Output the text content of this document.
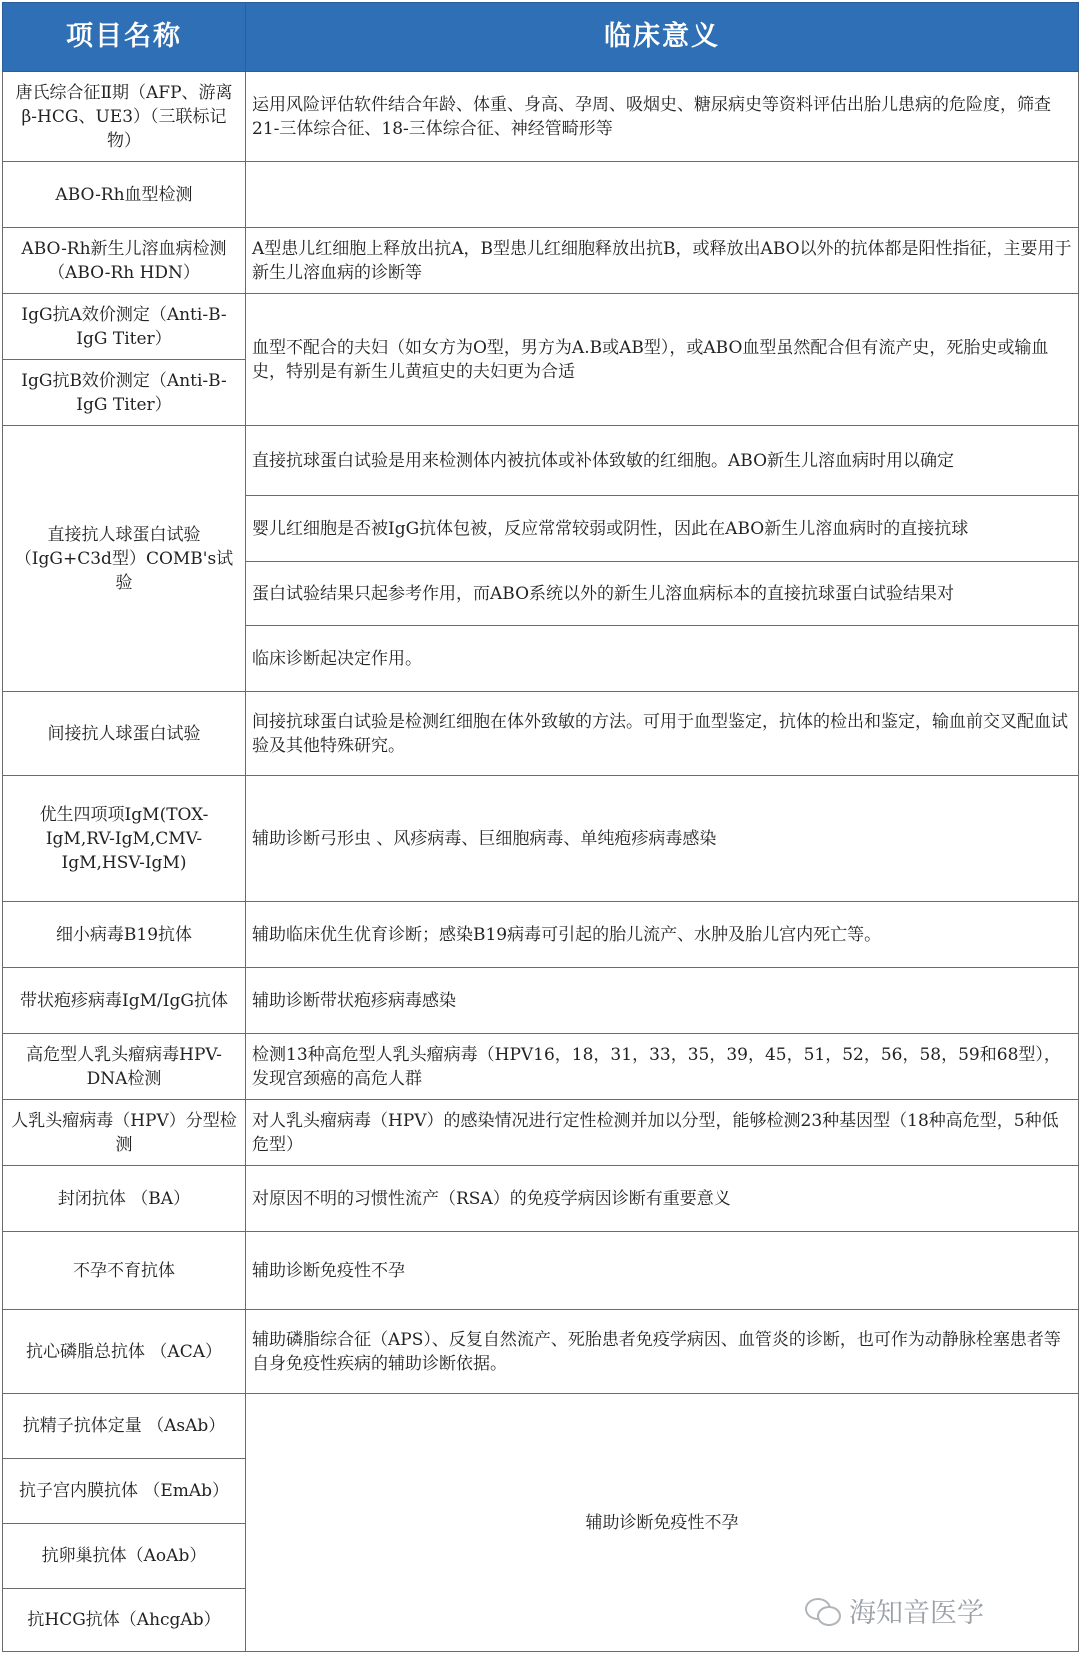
项目名称	临床意义
唐氏综合征Ⅱ期（AFP、游离β-HCG、UE3）（三联标记物）	运用风险评估软件结合年龄、体重、身高、孕周、吸烟史、糖尿病史等资料评估出胎儿患病的危险度，筛查21-三体综合征、18-三体综合征、神经管畸形等
ABO-Rh血型检测	
ABO-Rh新生儿溶血病检测（ABO-Rh HDN）	A型患儿红细胞上释放出抗A，B型患儿红细胞释放出抗B，或释放出ABO以外的抗体都是阳性指征，主要用于新生儿溶血病的诊断等
IgG抗A效价测定（Anti-B-IgG Titer）	血型不配合的夫妇（如女方为O型，男方为A.B或AB型），或ABO血型虽然配合但有流产史，死胎史或输血史，特别是有新生儿黄疸史的夫妇更为合适
IgG抗B效价测定（Anti-B-IgG Titer）	
直接抗人球蛋白试验（IgG+C3d型）COMB's试验	直接抗球蛋白试验是用来检测体内被抗体或补体致敏的红细胞。ABO新生儿溶血病时用以确定
	婴儿红细胞是否被IgG抗体包被，反应常常较弱或阴性，因此在ABO新生儿溶血病时的直接抗球
	蛋白试验结果只起参考作用，而ABO系统以外的新生儿溶血病标本的直接抗球蛋白试验结果对
	临床诊断起决定作用。
间接抗人球蛋白试验	间接抗球蛋白试验是检测红细胞在体外致敏的方法。可用于血型鉴定，抗体的检出和鉴定，输血前交叉配血试验及其他特殊研究。
优生四项项IgM(TOX-IgM,RV-IgM,CMV-IgM,HSV-IgM)	辅助诊断弓形虫 、风疹病毒、巨细胞病毒、单纯疱疹病毒感染
细小病毒B19抗体	辅助临床优生优育诊断；感染B19病毒可引起的胎儿流产、水肿及胎儿宫内死亡等。
带状疱疹病毒IgM/IgG抗体	辅助诊断带状疱疹病毒感染
高危型人乳头瘤病毒HPV-DNA检测	检测13种高危型人乳头瘤病毒（HPV16，18，31，33，35，39，45，51，52，56，58，59和68型），发现宫颈癌的高危人群
人乳头瘤病毒（HPV）分型检测	对人乳头瘤病毒（HPV）的感染情况进行定性检测并加以分型，能够检测23种基因型（18种高危型，5种低危型）
封闭抗体 （BA）	对原因不明的习惯性流产（RSA）的免疫学病因诊断有重要意义
不孕不育抗体	辅助诊断免疫性不孕
抗心磷脂总抗体 （ACA）	辅助磷脂综合征（APS）、反复自然流产、死胎患者免疫学病因、血管炎的诊断，也可作为动静脉栓塞患者等自身免疫性疾病的辅助诊断依据。
抗精子抗体定量 （AsAb）	辅助诊断免疫性不孕
抗子宫内膜抗体 （EmAb）	
抗卵巢抗体（AoAb）	
抗HCG抗体（AhcgAb）		海知音医学
